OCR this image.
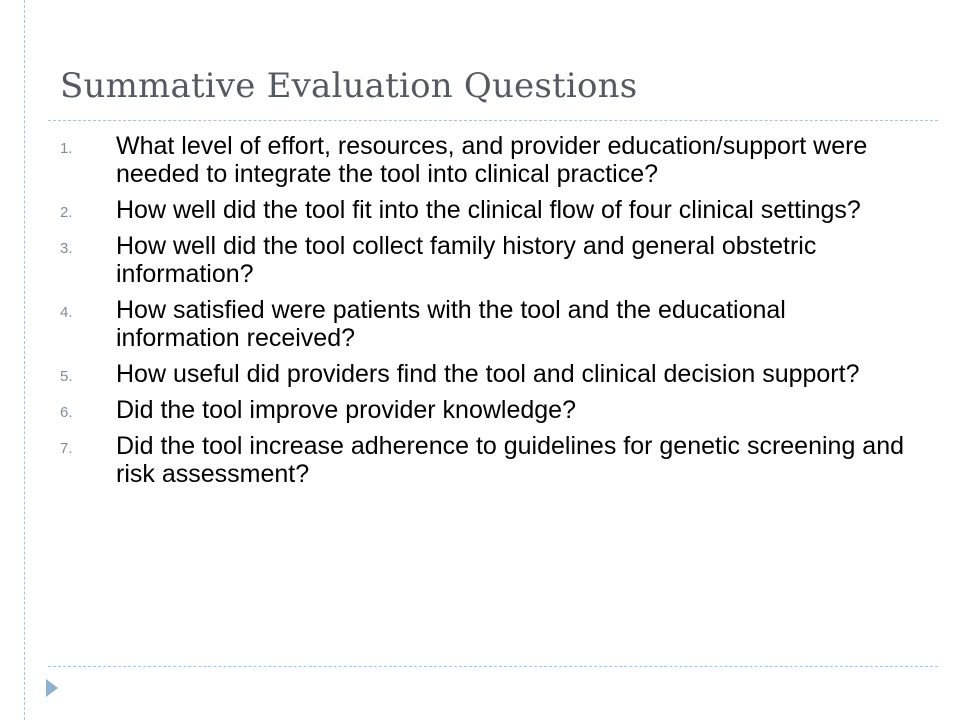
Summative Evaluation Questions
1.	What level of effort, resources, and provider education/support were needed to integrate the tool into clinical practice?
2.	How well did the tool fit into the clinical flow of four clinical settings?
3.	How well did the tool collect family history and general obstetric information?
4.	How satisfied were patients with the tool and the educational information received?
5.	How useful did providers find the tool and clinical decision support?
6.	Did the tool improve provider knowledge?
7.	Did the tool increase adherence to guidelines for genetic screening and risk assessment?
